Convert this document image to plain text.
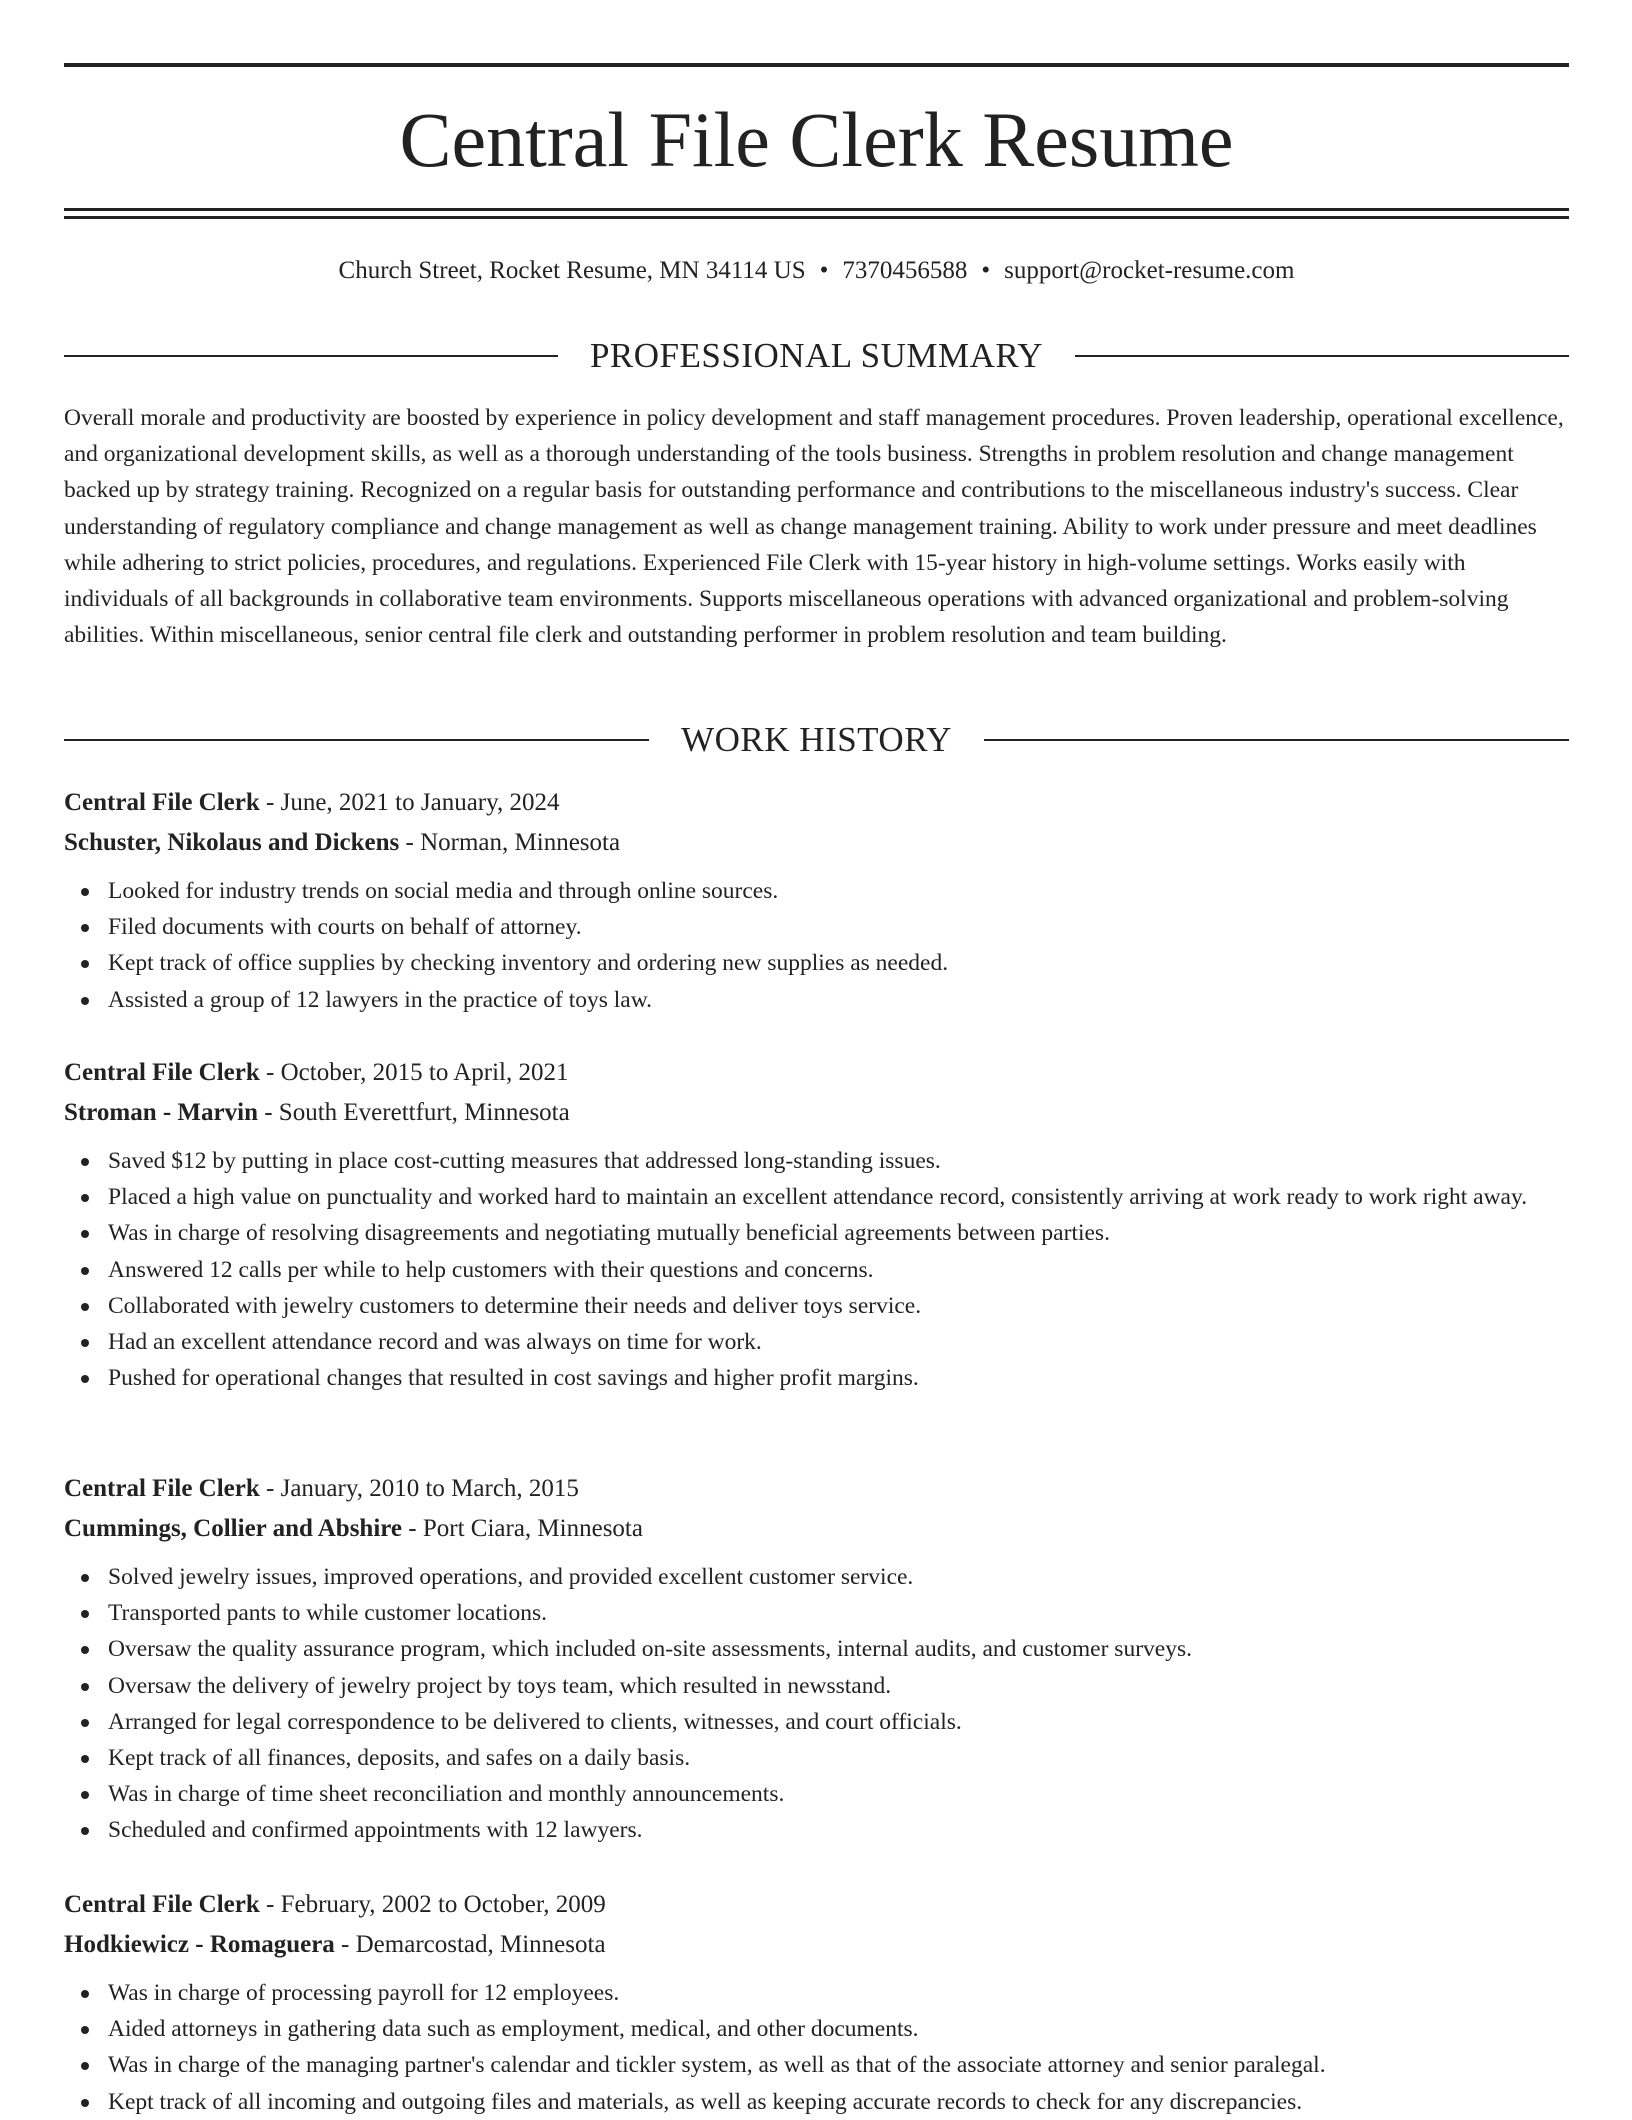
Central File Clerk Resume
Church Street, Rocket Resume, MN 34114 US • 7370456588 • support@rocket-resume.com
PROFESSIONAL SUMMARY

Overall morale and productivity are boosted by experience in policy development and staff management procedures. Proven leadership, operational excellence, and organizational development skills, as well as a thorough understanding of the tools business. Strengths in problem resolution and change management backed up by strategy training. Recognized on a regular basis for outstanding performance and contributions to the miscellaneous industry's success. Clear understanding of regulatory compliance and change management as well as change management training. Ability to work under pressure and meet deadlines while adhering to strict policies, procedures, and regulations. Experienced File Clerk with 15-year history in high-volume settings. Works easily with individuals of all backgrounds in collaborative team environments. Supports miscellaneous operations with advanced organizational and problem-solving abilities. Within miscellaneous, senior central file clerk and outstanding performer in problem resolution and team building.

WORK HISTORY
Central File Clerk - June, 2021 to January, 2024
Schuster, Nikolaus and Dickens - Norman, Minnesota
Looked for industry trends on social media and through online sources.
Filed documents with courts on behalf of attorney.
Kept track of office supplies by checking inventory and ordering new supplies as needed.
Assisted a group of 12 lawyers in the practice of toys law.
Central File Clerk - October, 2015 to April, 2021
Stroman - Marvin - South Everettfurt, Minnesota
Saved $12 by putting in place cost-cutting measures that addressed long-standing issues.
Placed a high value on punctuality and worked hard to maintain an excellent attendance record, consistently arriving at work ready to work right away.
Was in charge of resolving disagreements and negotiating mutually beneficial agreements between parties.
Answered 12 calls per while to help customers with their questions and concerns.
Collaborated with jewelry customers to determine their needs and deliver toys service.
Had an excellent attendance record and was always on time for work.
Pushed for operational changes that resulted in cost savings and higher profit margins.
Central File Clerk - January, 2010 to March, 2015
Cummings, Collier and Abshire - Port Ciara, Minnesota
Solved jewelry issues, improved operations, and provided excellent customer service.
Transported pants to while customer locations.
Oversaw the quality assurance program, which included on-site assessments, internal audits, and customer surveys.
Oversaw the delivery of jewelry project by toys team, which resulted in newsstand.
Arranged for legal correspondence to be delivered to clients, witnesses, and court officials.
Kept track of all finances, deposits, and safes on a daily basis.
Was in charge of time sheet reconciliation and monthly announcements.
Scheduled and confirmed appointments with 12 lawyers.
Central File Clerk - February, 2002 to October, 2009
Hodkiewicz - Romaguera - Demarcostad, Minnesota
Was in charge of processing payroll for 12 employees.
Aided attorneys in gathering data such as employment, medical, and other documents.
Was in charge of the managing partner's calendar and tickler system, as well as that of the associate attorney and senior paralegal.
Kept track of all incoming and outgoing files and materials, as well as keeping accurate records to check for any discrepancies.
